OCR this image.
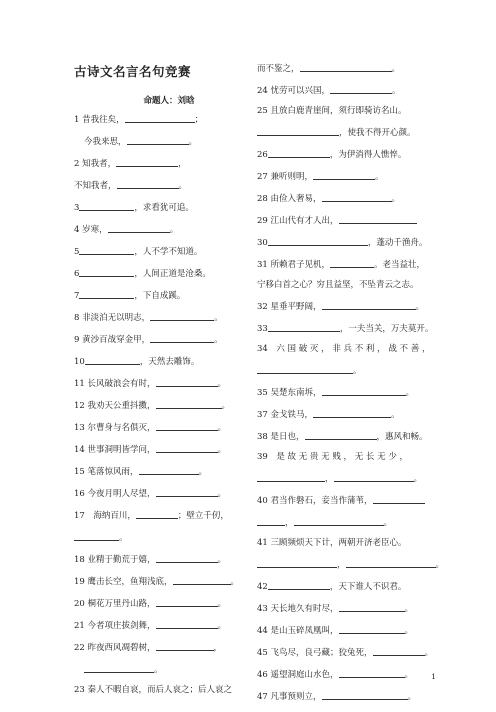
古诗文名言名句竞赛
命题人：刘晗
1 昔我往矣，	；
今我来思，	。
2 知我者，	，
不知我者，	。
3	，求看犹可追。
4 岁寒，	。
5	，人不学不知道。
6	，人间正道是沧桑。
7	，下自成蹊。
8 非淡泊无以明志，	。
9 黄沙百战穿金甲，	。
10	，天然去雕饰。
11 长风破浪会有时，	。
12 我劝天公重抖擞，	。
13 尔曹身与名俱灭，	。
14 世事洞明皆学问，	。
15 笔落惊风雨，	。
16 今夜月明人尽望，	。
17　海纳百川，	；壁立千仞，
。
18 业精于勤荒于嬉，	。
19 鹰击长空，鱼翔浅底，	。
20 桐花万里丹山路，	。
21 今者项庄拔剑舞，	。
22 昨夜西风凋碧树，	，
。
23 秦人不暇自哀，而后人哀之；后人哀之
而不鉴之，	。
24 忧劳可以兴国，	。
25 且放白鹿青崖间，须行即骑访名山。
，使我不得开心颜。
26	，为伊消得人憔悴。
27 兼听则明，	。
28 由俭入奢易，	。
29 江山代有才人出，
30	，蓬动千渔舟。
31 所赖君子见机，	。老当益壮，
宁移白首之心？穷且益坚，不坠青云之志。
32 星垂平野阔，	。
33	，一夫当关，万夫莫开。
34　六 国 破 灭 ， 非 兵 不 利 ， 战 不 善 ，
。
35 吴楚东南坼，	。
37 金戈铁马，	。
38 是日也，	，惠风和畅。
39　是 故 无 贵 无 贱 ， 无 长 无 少 ，
，	。
40 君当作磐石，妾当作蒲苇，
，	。
41 三顾频烦天下计，两朝开济老臣心。
，	。
42	，天下谁人不识君。
43 天长地久有时尽，	。
44 是山玉碎凤凰叫，	。
45 飞鸟尽，良弓藏；狡兔死，	。
46 遥望洞庭山水色，	。
47 凡事预则立，	。
1
